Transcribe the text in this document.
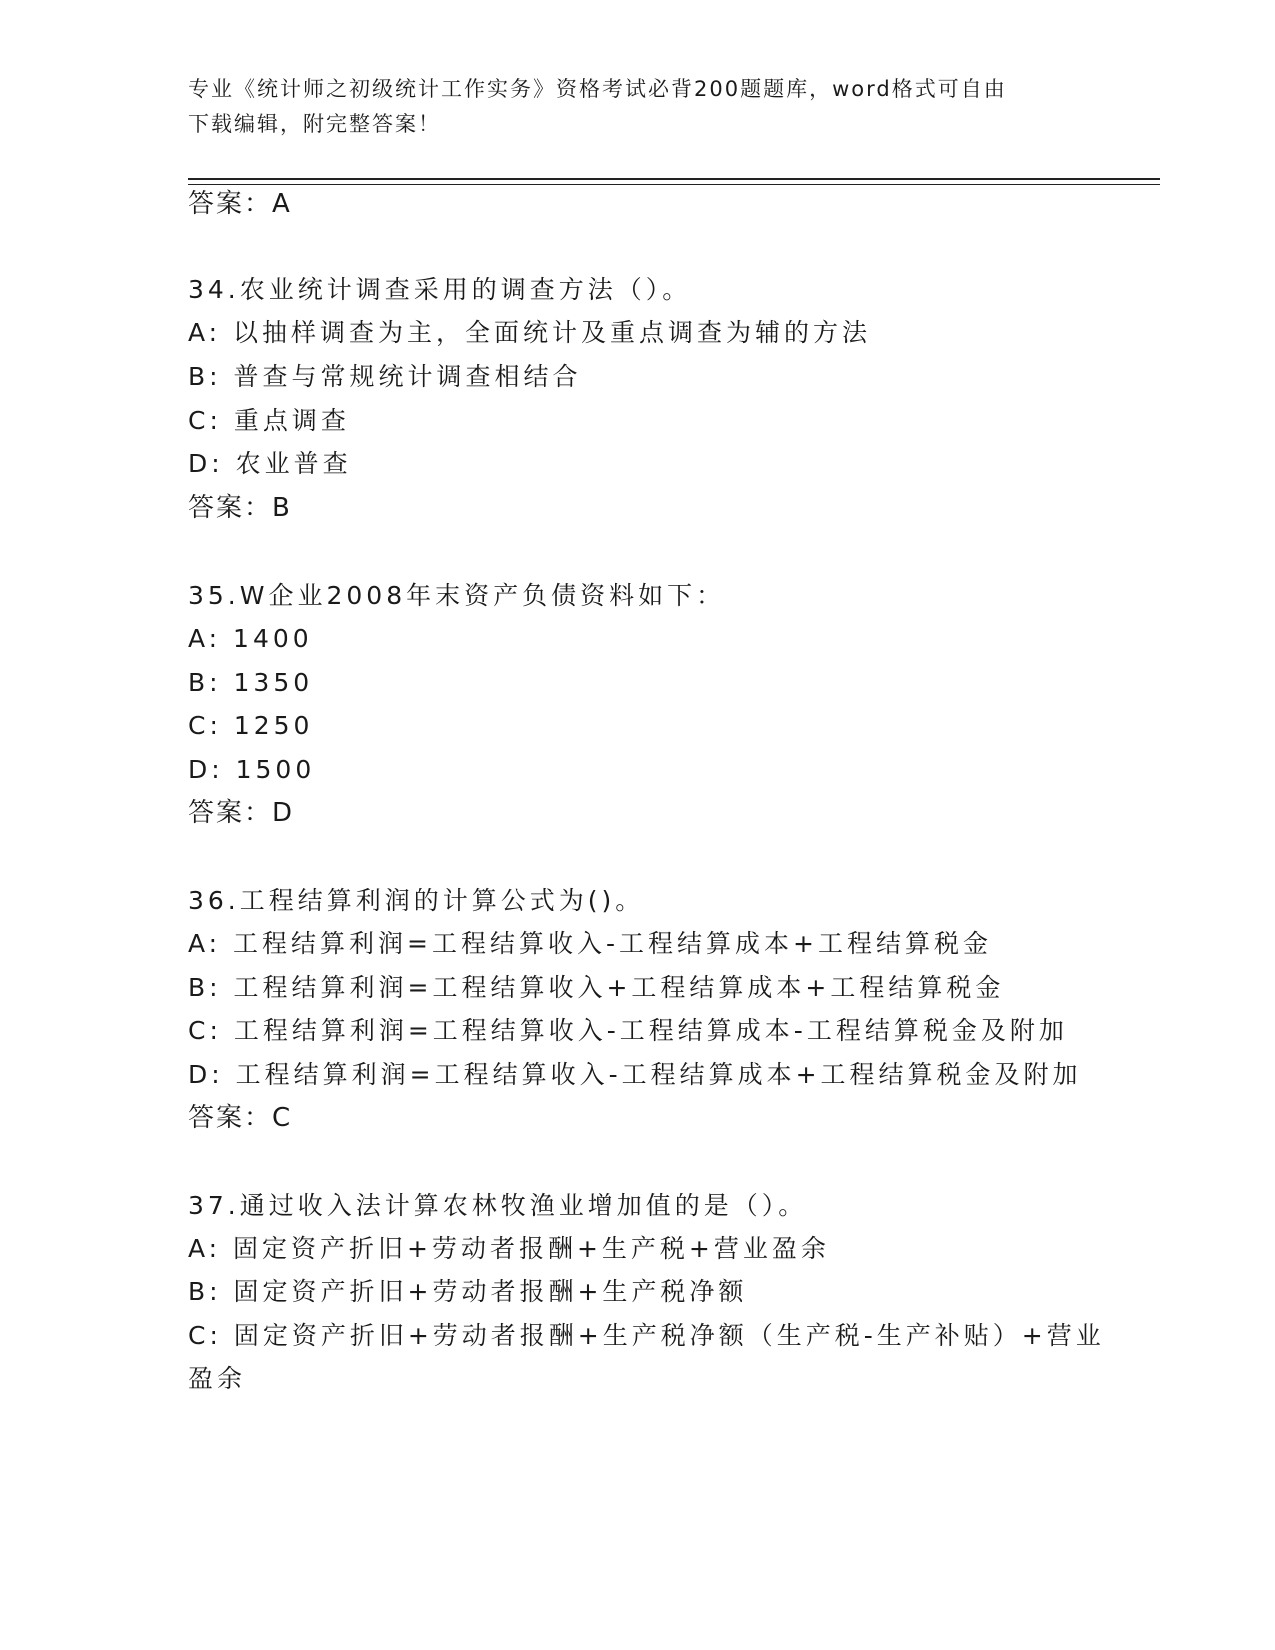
专业《统计师之初级统计工作实务》资格考试必背200题题库，word格式可自由
下载编辑，附完整答案！
答案：A
34.农业统计调查采用的调查方法（）。
A: 以抽样调查为主，全面统计及重点调查为辅的方法
B: 普查与常规统计调查相结合
C: 重点调查
D: 农业普查
答案：B
35.W企业2008年末资产负债资料如下：
A: 1400
B: 1350
C: 1250
D: 1500
答案：D
36.工程结算利润的计算公式为()。
A: 工程结算利润=工程结算收入-工程结算成本+工程结算税金
B: 工程结算利润=工程结算收入+工程结算成本+工程结算税金
C: 工程结算利润=工程结算收入-工程结算成本-工程结算税金及附加
D: 工程结算利润=工程结算收入-工程结算成本+工程结算税金及附加
答案：C
37.通过收入法计算农林牧渔业增加值的是（）。
A: 固定资产折旧+劳动者报酬+生产税+营业盈余
B: 固定资产折旧+劳动者报酬+生产税净额
C: 固定资产折旧+劳动者报酬+生产税净额（生产税-生产补贴）+营业
盈余
